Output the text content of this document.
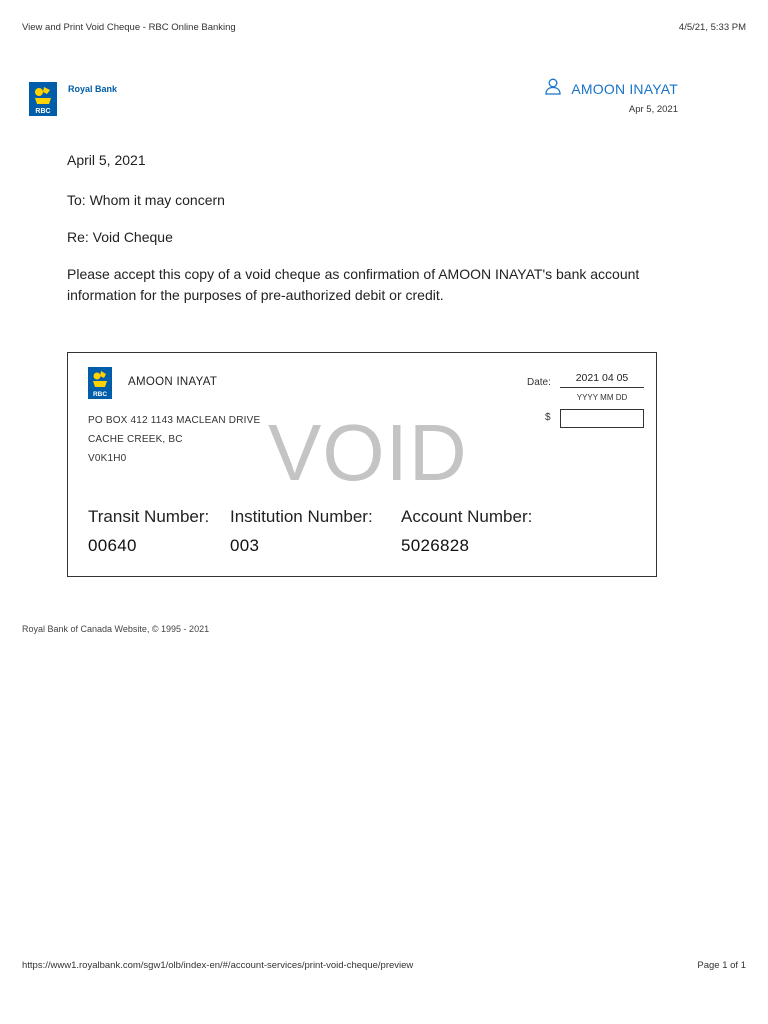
View and Print Void Cheque - RBC Online Banking	4/5/21, 5:33 PM
RBC
Royal Bank	AMOON INAYAT
Apr 5, 2021

April 5, 2021

To: Whom it may concern

Re: Void Cheque

Please accept this copy of a void cheque as confirmation of AMOON INAYAT's bank account information for the purposes of pre-authorized debit or credit.

RBC
AMOON INAYAT
PO BOX 412 1143 MACLEAN DRIVE
CACHE CREEK, BC
V0K1H0	VOID
Date:	2021 04 05
YYYY MM DD
$
Transit Number:
00640
Institution Number:
003
Account Number:
5026828
Royal Bank of Canada Website, © 1995 - 2021
https://www1.royalbank.com/sgw1/olb/index-en/#/account-services/print-void-cheque/preview	Page 1 of 1
